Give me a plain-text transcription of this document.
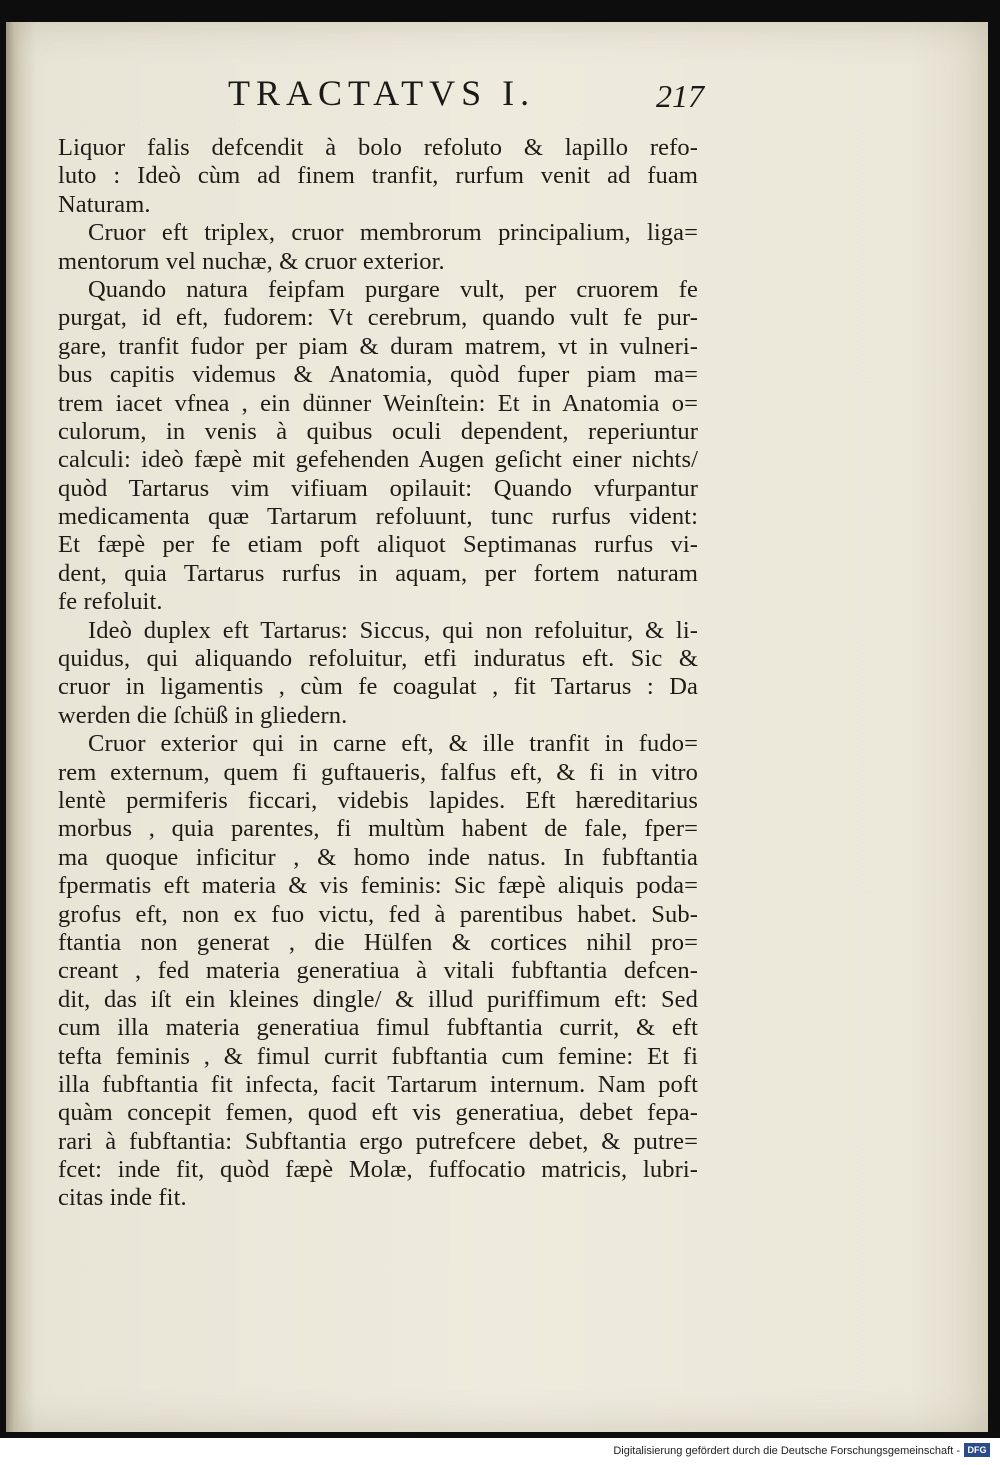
TRACTATVS I.	217
Liquor falis defcendit à bolo refoluto & lapillo refo-
luto : Ideò cùm ad finem tranfit, rurfum venit ad fuam
Naturam.
Cruor eft triplex, cruor membrorum principalium, liga=
mentorum vel nuchæ, & cruor exterior.
Quando natura feipfam purgare vult, per cruorem fe
purgat, id eft, fudorem: Vt cerebrum, quando vult fe pur-
gare, tranfit fudor per piam & duram matrem, vt in vulneri-
bus capitis videmus & Anatomia, quòd fuper piam ma=
trem iacet vfnea , ein dünner Weinſtein: Et in Anatomia o=
culorum, in venis à quibus oculi dependent, reperiuntur
calculi: ideò fæpè mit gefehenden Augen geſicht einer nichts/
quòd Tartarus vim vifiuam opilauit: Quando vfurpantur
medicamenta quæ Tartarum refoluunt, tunc rurfus vident:
Et fæpè per fe etiam poft aliquot Septimanas rurfus vi-
dent, quia Tartarus rurfus in aquam, per fortem naturam
fe refoluit.
Ideò duplex eft Tartarus: Siccus, qui non refoluitur, & li-
quidus, qui aliquando refoluitur, etfi induratus eft. Sic &
cruor in ligamentis , cùm fe coagulat , fit Tartarus : Da
werden die ſchüß in gliedern.
Cruor exterior qui in carne eft, & ille tranfit in fudo=
rem externum, quem fi guftaueris, falfus eft, & fi in vitro
lentè permiferis ficcari, videbis lapides. Eft hæreditarius
morbus , quia parentes, fi multùm habent de fale, fper=
ma quoque inficitur , & homo inde natus. In fubftantia
fpermatis eft materia & vis feminis: Sic fæpè aliquis poda=
grofus eft, non ex fuo victu, fed à parentibus habet. Sub-
ftantia non generat , die Hülfen & cortices nihil pro=
creant , fed materia generatiua à vitali fubftantia defcen-
dit, das iſt ein kleines dingle/ & illud puriffimum eft: Sed
cum illa materia generatiua fimul fubftantia currit, & eft
tefta feminis , & fimul currit fubftantia cum femine: Et fi
illa fubftantia fit infecta, facit Tartarum internum. Nam poft
quàm concepit femen, quod eft vis generatiua, debet fepa-
rari à fubftantia: Subftantia ergo putrefcere debet, & putre=
fcet: inde fit, quòd fæpè Molæ, fuffocatio matricis, lubri-
citas inde fit.
Digitalisierung gefördert durch die Deutsche Forschungsgemeinschaft - DFG
